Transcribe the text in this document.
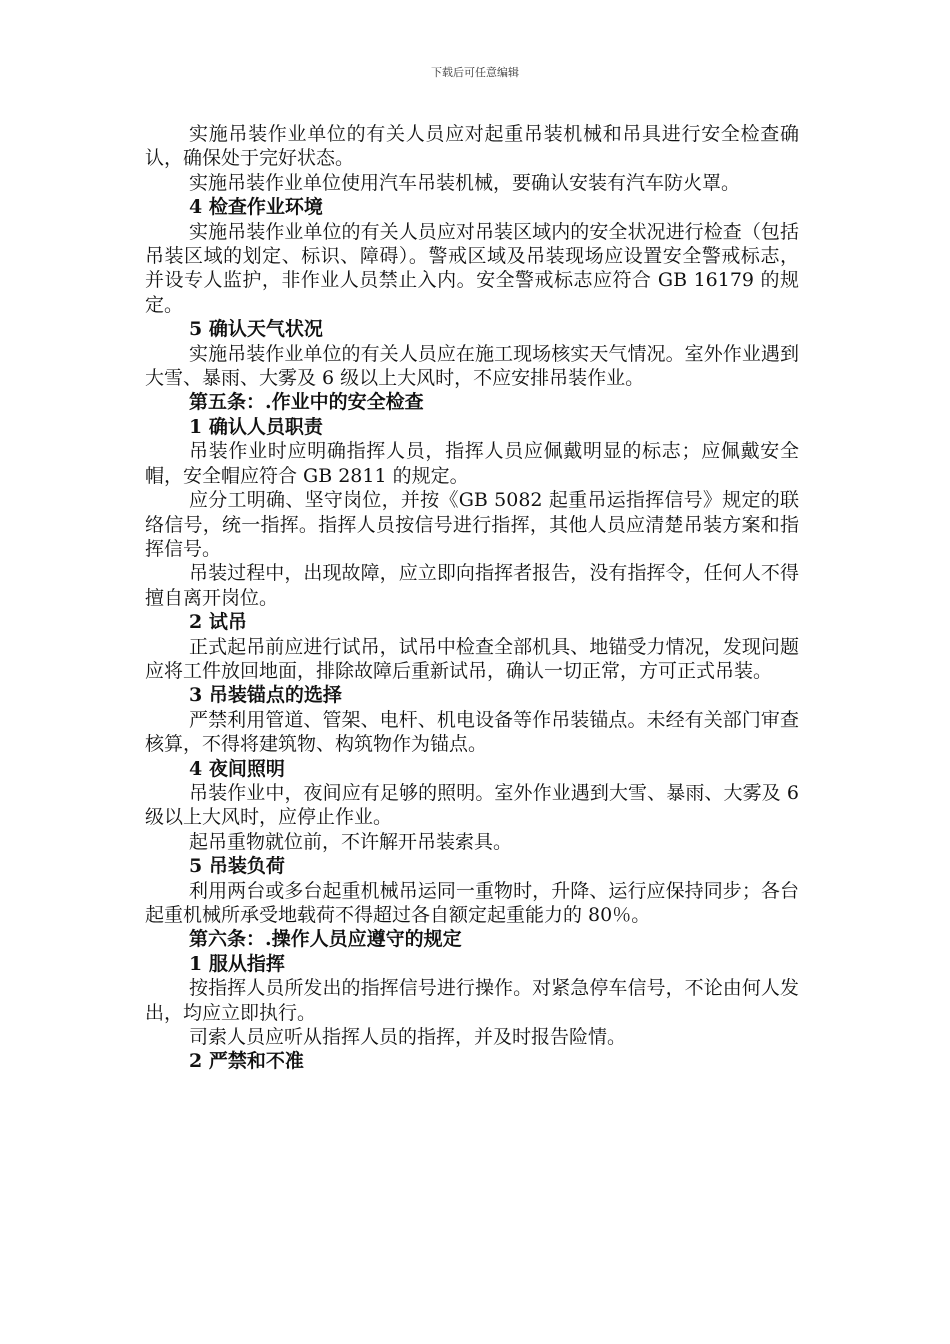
下载后可任意编辑

实施吊装作业单位的有关人员应对起重吊装机械和吊具进行安全检查确认，确保处于完好状态。

实施吊装作业单位使用汽车吊装机械，要确认安装有汽车防火罩。

4 检查作业环境

实施吊装作业单位的有关人员应对吊装区域内的安全状况进行检查（包括吊装区域的划定、标识、障碍）。警戒区域及吊装现场应设置安全警戒标志，并设专人监护，非作业人员禁止入内。安全警戒标志应符合 GB 16179 的规定。

5 确认天气状况

实施吊装作业单位的有关人员应在施工现场核实天气情况。室外作业遇到大雪、暴雨、大雾及 6 级以上大风时，不应安排吊装作业。

第五条：.作业中的安全检查

1 确认人员职责

吊装作业时应明确指挥人员，指挥人员应佩戴明显的标志；应佩戴安全帽，安全帽应符合 GB 2811 的规定。

应分工明确、坚守岗位，并按《GB 5082 起重吊运指挥信号》规定的联络信号，统一指挥。指挥人员按信号进行指挥，其他人员应清楚吊装方案和指挥信号。

吊装过程中，出现故障，应立即向指挥者报告，没有指挥令，任何人不得擅自离开岗位。

2 试吊

正式起吊前应进行试吊，试吊中检查全部机具、地锚受力情况，发现问题应将工件放回地面，排除故障后重新试吊，确认一切正常，方可正式吊装。

3 吊装锚点的选择

严禁利用管道、管架、电杆、机电设备等作吊装锚点。未经有关部门审查核算，不得将建筑物、构筑物作为锚点。

4 夜间照明

吊装作业中，夜间应有足够的照明。室外作业遇到大雪、暴雨、大雾及 6 级以上大风时，应停止作业。

起吊重物就位前，不许解开吊装索具。

5 吊装负荷

利用两台或多台起重机械吊运同一重物时，升降、运行应保持同步；各台起重机械所承受地载荷不得超过各自额定起重能力的 80％。

第六条：.操作人员应遵守的规定

1 服从指挥

按指挥人员所发出的指挥信号进行操作。对紧急停车信号，不论由何人发出，均应立即执行。

司索人员应听从指挥人员的指挥，并及时报告险情。

2 严禁和不准
